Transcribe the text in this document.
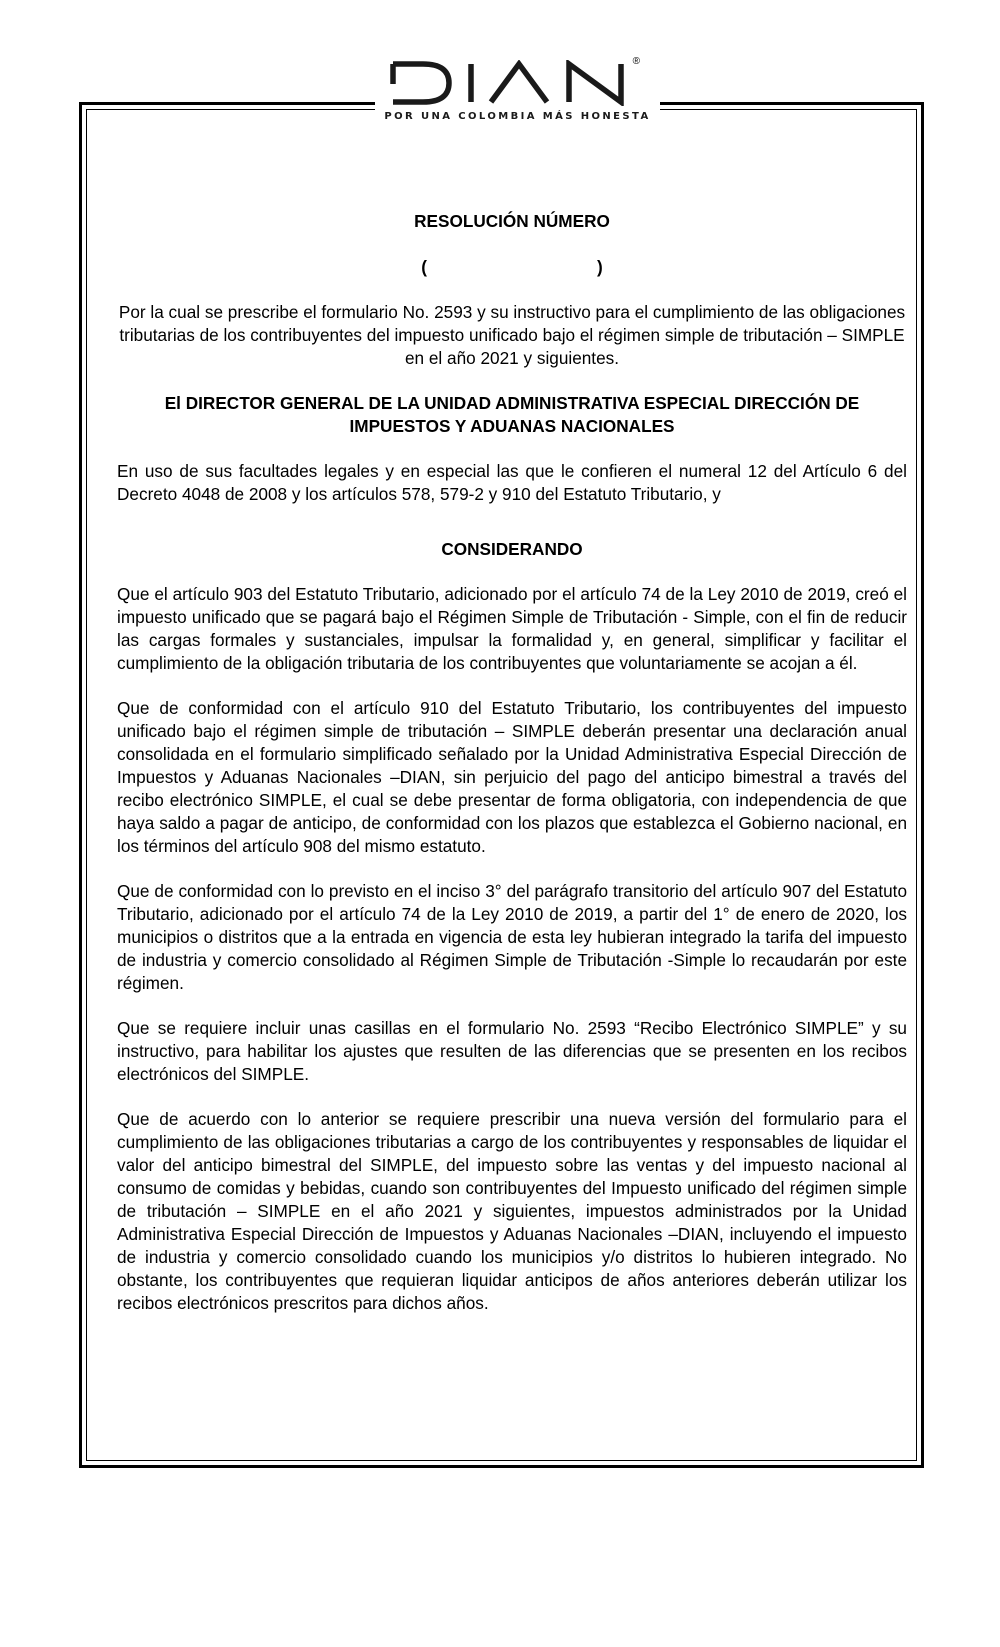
®
DIAN
POR UNA COLOMBIA MÁS HONESTA

RESOLUCIÓN NÚMERO

(	)

Por la cual se prescribe el formulario No. 2593 y su instructivo para el cumplimiento de las obligaciones tributarias de los contribuyentes del impuesto unificado bajo el régimen simple de tributación – SIMPLE en el año 2021 y siguientes.

El DIRECTOR GENERAL DE LA UNIDAD ADMINISTRATIVA ESPECIAL DIRECCIÓN DE IMPUESTOS Y ADUANAS NACIONALES

En uso de sus facultades legales y en especial las que le confieren el numeral 12 del Artículo 6 del Decreto 4048 de 2008 y los artículos 578, 579-2 y 910 del Estatuto Tributario, y

CONSIDERANDO

Que el artículo 903 del Estatuto Tributario, adicionado por el artículo 74 de la Ley 2010 de 2019, creó el impuesto unificado que se pagará bajo el Régimen Simple de Tributación - Simple, con el fin de reducir las cargas formales y sustanciales, impulsar la formalidad y, en general, simplificar y facilitar el cumplimiento de la obligación tributaria de los contribuyentes que voluntariamente se acojan a él.

Que de conformidad con el artículo 910 del Estatuto Tributario, los contribuyentes del impuesto unificado bajo el régimen simple de tributación – SIMPLE deberán presentar una declaración anual consolidada en el formulario simplificado señalado por la Unidad Administrativa Especial Dirección de Impuestos y Aduanas Nacionales –DIAN, sin perjuicio del pago del anticipo bimestral a través del recibo electrónico SIMPLE, el cual se debe presentar de forma obligatoria, con independencia de que haya saldo a pagar de anticipo, de conformidad con los plazos que establezca el Gobierno nacional, en los términos del artículo 908 del mismo estatuto.

Que de conformidad con lo previsto en el inciso 3° del parágrafo transitorio del artículo 907 del Estatuto Tributario, adicionado por el artículo 74 de la Ley 2010 de 2019, a partir del 1° de enero de 2020, los municipios o distritos que a la entrada en vigencia de esta ley hubieran integrado la tarifa del impuesto de industria y comercio consolidado al Régimen Simple de Tributación -Simple lo recaudarán por este régimen.

Que se requiere incluir unas casillas en el formulario No. 2593 “Recibo Electrónico SIMPLE” y su instructivo, para habilitar los ajustes que resulten de las diferencias que se presenten en los recibos electrónicos del SIMPLE.

Que de acuerdo con lo anterior se requiere prescribir una nueva versión del formulario para el cumplimiento de las obligaciones tributarias a cargo de los contribuyentes y responsables de liquidar el valor del anticipo bimestral del SIMPLE, del impuesto sobre las ventas y del impuesto nacional al consumo de comidas y bebidas, cuando son contribuyentes del Impuesto unificado del régimen simple de tributación – SIMPLE en el año 2021 y siguientes, impuestos administrados por la Unidad Administrativa Especial Dirección de Impuestos y Aduanas Nacionales –DIAN, incluyendo el impuesto de industria y comercio consolidado cuando los municipios y/o distritos lo hubieren integrado. No obstante, los contribuyentes que requieran liquidar anticipos de años anteriores deberán utilizar los recibos electrónicos prescritos para dichos años.
